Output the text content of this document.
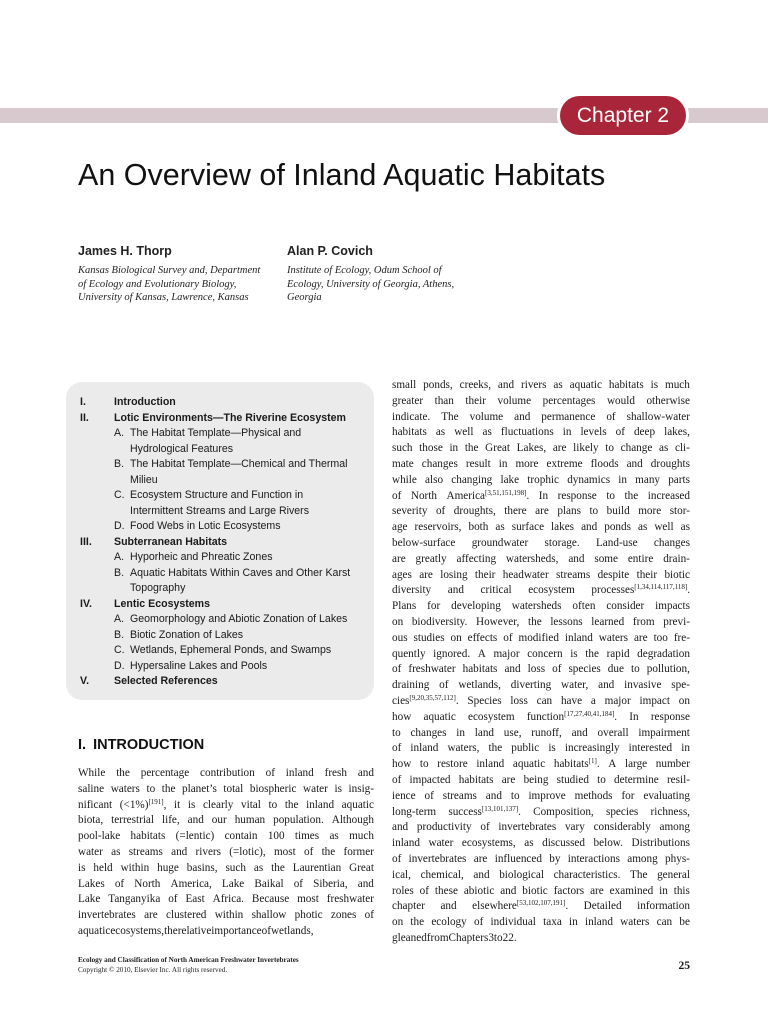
Chapter 2
An Overview of Inland Aquatic Habitats
James H. Thorp
Kansas Biological Survey and, Department
of Ecology and Evolutionary Biology,
University of Kansas, Lawrence, Kansas
Alan P. Covich
Institute of Ecology, Odum School of
Ecology, University of Georgia, Athens,
Georgia
I.	Introduction
II. Lotic Environments—The Riverine Ecosystem
A. The Habitat Template—Physical and
Hydrological Features
B. The Habitat Template—Chemical and Thermal
Milieu
C. Ecosystem Structure and Function in
Intermittent Streams and Large Rivers
D. Food Webs in Lotic Ecosystems
III. Subterranean Habitats
A. Hyporheic and Phreatic Zones
B. Aquatic Habitats Within Caves and Other Karst
Topography
IV. Lentic Ecosystems
A. Geomorphology and Abiotic Zonation of Lakes
B. Biotic Zonation of Lakes
C. Wetlands, Ephemeral Ponds, and Swamps
D. Hypersaline Lakes and Pools
V. Selected References
I. INTRODUCTION
While the percentage contribution of inland fresh and
saline waters to the planet’s total biospheric water is insig-
nificant (<1%)[191], it is clearly vital to the inland aquatic
biota, terrestrial life, and our human population. Although
pool-lake habitats (=lentic) contain 100 times as much
water as streams and rivers (=lotic), most of the former
is held within huge basins, such as the Laurentian Great
Lakes of North America, Lake Baikal of Siberia, and
Lake Tanganyika of East Africa. Because most freshwater
invertebrates are clustered within shallow photic zones of
aquatic ecosystems, the relative importance of wetlands,
small ponds, creeks, and rivers as aquatic habitats is much
greater than their volume percentages would otherwise
indicate. The volume and permanence of shallow-water
habitats as well as fluctuations in levels of deep lakes,
such those in the Great Lakes, are likely to change as cli-
mate changes result in more extreme floods and droughts
while also changing lake trophic dynamics in many parts
of North America[3,51,151,198]. In response to the increased
severity of droughts, there are plans to build more stor-
age reservoirs, both as surface lakes and ponds as well as
below-surface groundwater storage. Land-use changes
are greatly affecting watersheds, and some entire drain-
ages are losing their headwater streams despite their biotic
diversity and critical ecosystem processes[1,34,114,117,118].
Plans for developing watersheds often consider impacts
on biodiversity. However, the lessons learned from previ-
ous studies on effects of modified inland waters are too fre-
quently ignored. A major concern is the rapid degradation
of freshwater habitats and loss of species due to pollution,
draining of wetlands, diverting water, and invasive spe-
cies[9,20,35,57,112]. Species loss can have a major impact on
how aquatic ecosystem function[17,27,40,41,184]. In response
to changes in land use, runoff, and overall impairment
of inland waters, the public is increasingly interested in
how to restore inland aquatic habitats[1]. A large number
of impacted habitats are being studied to determine resil-
ience of streams and to improve methods for evaluating
long-term success[13,101,137]. Composition, species richness,
and productivity of invertebrates vary considerably among
inland water ecosystems, as discussed below. Distributions
of invertebrates are influenced by interactions among phys-
ical, chemical, and biological characteristics. The general
roles of these abiotic and biotic factors are examined in this
chapter and elsewhere[53,102,107,191]. Detailed information
on the ecology of individual taxa in inland waters can be
gleaned from Chapters 3 to 22.
Ecology and Classification of North American Freshwater Invertebrates
Copyright © 2010, Elsevier Inc. All rights reserved.	25
